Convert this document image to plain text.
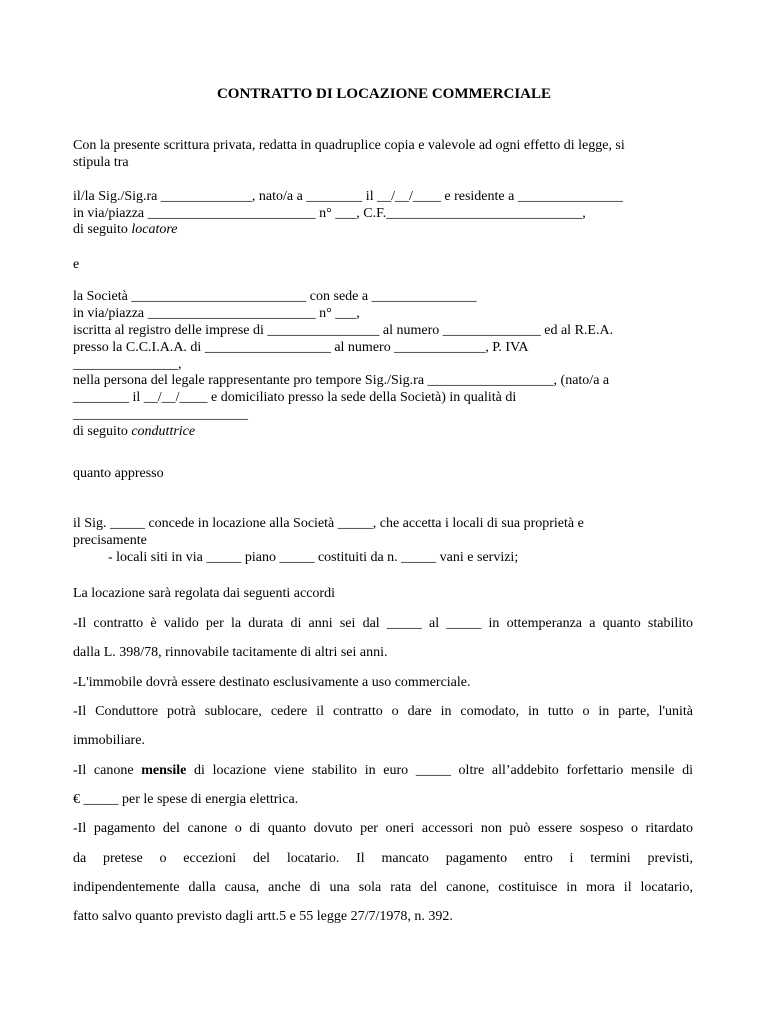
CONTRATTO DI LOCAZIONE COMMERCIALE
Con la presente scrittura privata, redatta in quadruplice copia e valevole ad ogni effetto di legge, si
stipula tra
il/la Sig./Sig.ra _____________, nato/a a ________ il __/__/____ e residente a _______________
in via/piazza ________________________ n° ___, C.F.____________________________,
di seguito locatore
e
la Società _________________________ con sede a _______________
in via/piazza ________________________ n° ___,
iscritta al registro delle imprese di ________________ al numero ______________ ed al R.E.A.
presso la C.C.I.A.A. di __________________ al numero _____________, P. IVA
_______________,
nella persona del legale rappresentante pro tempore Sig./Sig.ra __________________, (nato/a a
________ il __/__/____ e domiciliato presso la sede della Società) in qualità di
_________________________
di seguito conduttrice
quanto appresso
il Sig. _____ concede in locazione alla Società _____, che accetta i locali di sua proprietà e
precisamente
- locali siti in via _____ piano _____ costituiti da n. _____ vani e servizi;
La locazione sarà regolata dai seguenti accordi
-Il contratto è valido per la durata di anni sei dal _____ al _____ in ottemperanza a quanto stabilito
dalla L. 398/78, rinnovabile tacitamente di altri sei anni.
-L'immobile dovrà essere destinato esclusivamente a uso commerciale.
-Il Conduttore potrà sublocare, cedere il contratto o dare in comodato, in tutto o in parte, l'unità
immobiliare.
-Il canone mensile di locazione viene stabilito in euro _____ oltre all’addebito forfettario mensile di
€ _____ per le spese di energia elettrica.
-Il pagamento del canone o di quanto dovuto per oneri accessori non può essere sospeso o ritardato
da pretese o eccezioni del locatario. Il mancato pagamento entro i termini previsti,
indipendentemente dalla causa, anche di una sola rata del canone, costituisce in mora il locatario,
fatto salvo quanto previsto dagli artt.5 e 55 legge 27/7/1978, n. 392.
